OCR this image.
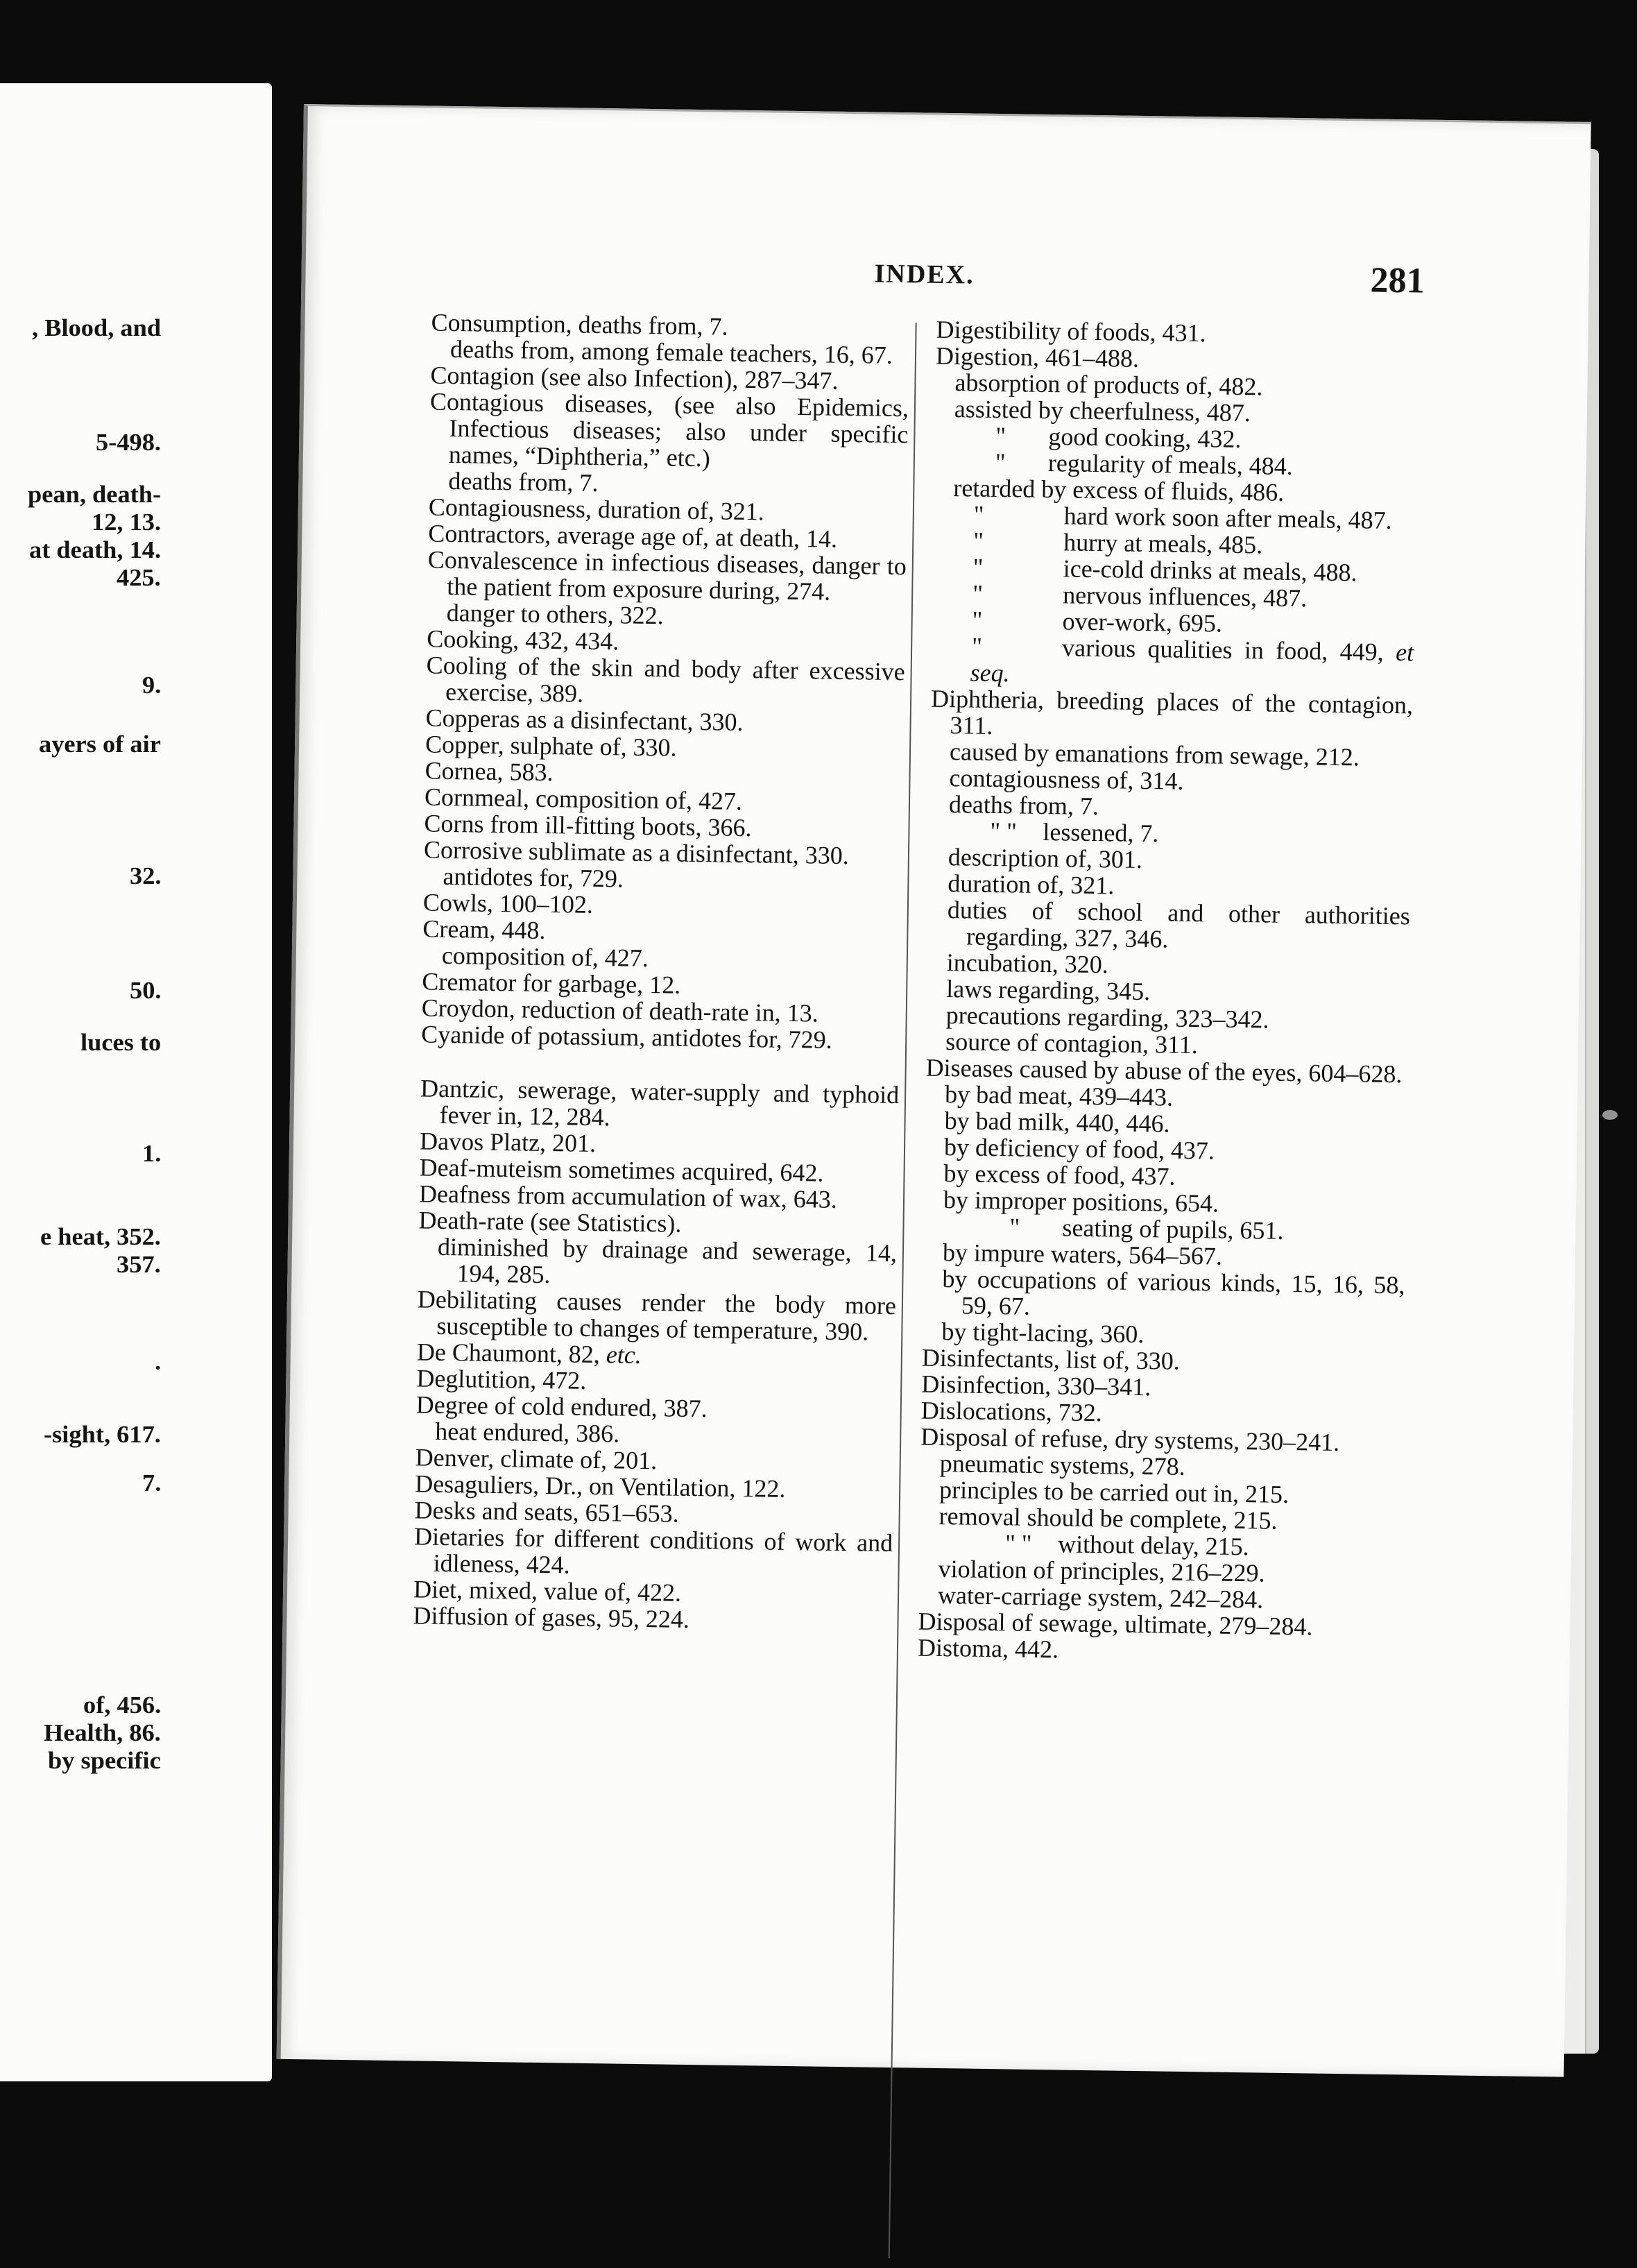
, Blood, and
5-498.
pean, death-
12, 13.
at death, 14.
425.
9.
ayers of air
32.
50.
luces to
1.
e heat, 352.
357.
.
-sight, 617.
7.
of, 456.
Health, 86.
by specific
INDEX.	281

Consumption, deaths from, 7.

deaths from, among female teachers, 16, 67.

Contagion (see also Infection), 287–347.

Contagious diseases, (see also Epidemics, Infectious diseases; also under specific names, “Diphtheria,” etc.)

deaths from, 7.

Contagiousness, duration of, 321.

Contractors, average age of, at death, 14.

Convalescence in infectious diseases, danger to the patient from exposure during, 274.

danger to others, 322.

Cooking, 432, 434.

Cooling of the skin and body after excessive exercise, 389.

Copperas as a disinfectant, 330.

Copper, sulphate of, 330.

Cornea, 583.

Cornmeal, composition of, 427.

Corns from ill-fitting boots, 366.

Corrosive sublimate as a disinfectant, 330.

antidotes for, 729.

Cowls, 100–102.

Cream, 448.

composition of, 427.

Cremator for garbage, 12.

Croydon, reduction of death-rate in, 13.

Cyanide of potassium, antidotes for, 729.

Dantzic, sewerage, water-supply and typhoid fever in, 12, 284.

Davos Platz, 201.

Deaf-muteism sometimes acquired, 642.

Deafness from accumulation of wax, 643.

Death-rate (see Statistics).

diminished by drainage and sewerage, 14, 194, 285.

Debilitating causes render the body more susceptible to changes of temperature, 390.

De Chaumont, 82, etc.

Deglutition, 472.

Degree of cold endured, 387.

heat endured, 386.

Denver, climate of, 201.

Desaguliers, Dr., on Ventilation, 122.

Desks and seats, 651–653.

Dietaries for different conditions of work and idleness, 424.

Diet, mixed, value of, 422.

Diffusion of gases, 95, 224.

Digestibility of foods, 431.

Digestion, 461–488.

absorption of products of, 482.

assisted by cheerfulness, 487.

" good cooking, 432.

" regularity of meals, 484.

retarded by excess of fluids, 486.

"	hard work soon after meals, 487.

"	hurry at meals, 485.

"	ice-cold drinks at meals, 488.

"	nervous influences, 487.

"	over-work, 695.

"	various qualities in food, 449, et seq.

Diphtheria, breeding places of the contagion, 311.

caused by emanations from sewage, 212.

contagiousness of, 314.

deaths from, 7.

" " lessened, 7.

description of, 301.

duration of, 321.

duties of school and other authorities regarding, 327, 346.

incubation, 320.

laws regarding, 345.

precautions regarding, 323–342.

source of contagion, 311.

Diseases caused by abuse of the eyes, 604–628.

by bad meat, 439–443.

by bad milk, 440, 446.

by deficiency of food, 437.

by excess of food, 437.

by improper positions, 654.

" seating of pupils, 651.

by impure waters, 564–567.

by occupations of various kinds, 15, 16, 58, 59, 67.

by tight-lacing, 360.

Disinfectants, list of, 330.

Disinfection, 330–341.

Dislocations, 732.

Disposal of refuse, dry systems, 230–241.

pneumatic systems, 278.

principles to be carried out in, 215.

removal should be complete, 215.

" " without delay, 215.

violation of principles, 216–229.

water-carriage system, 242–284.

Disposal of sewage, ultimate, 279–284.

Distoma, 442.
